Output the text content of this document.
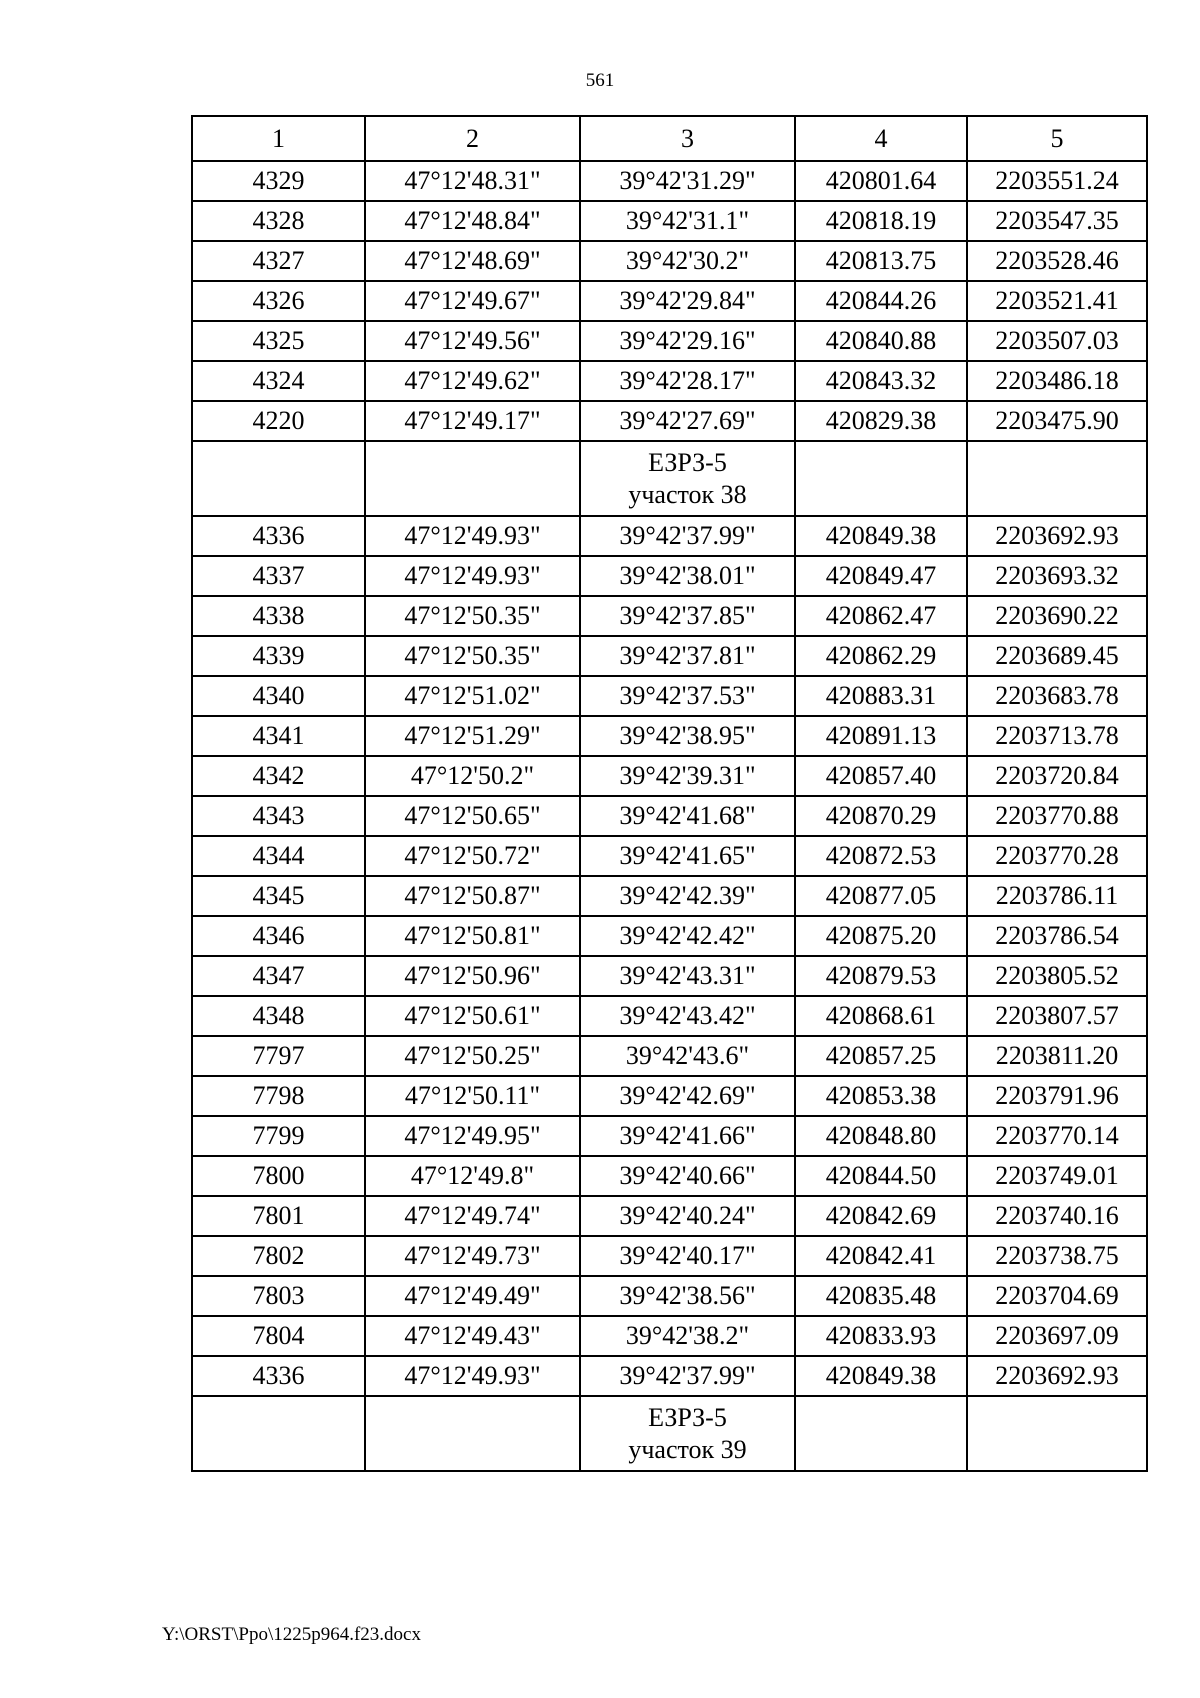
561
1	2	3	4	5
4329	47°12'48.31"	39°42'31.29"	420801.64	2203551.24
4328	47°12'48.84"	39°42'31.1"	420818.19	2203547.35
4327	47°12'48.69"	39°42'30.2"	420813.75	2203528.46
4326	47°12'49.67"	39°42'29.84"	420844.26	2203521.41
4325	47°12'49.56"	39°42'29.16"	420840.88	2203507.03
4324	47°12'49.62"	39°42'28.17"	420843.32	2203486.18
4220	47°12'49.17"	39°42'27.69"	420829.38	2203475.90

		ЕЗРЗ-5
участок 38		

4336	47°12'49.93"	39°42'37.99"	420849.38	2203692.93
4337	47°12'49.93"	39°42'38.01"	420849.47	2203693.32
4338	47°12'50.35"	39°42'37.85"	420862.47	2203690.22
4339	47°12'50.35"	39°42'37.81"	420862.29	2203689.45
4340	47°12'51.02"	39°42'37.53"	420883.31	2203683.78
4341	47°12'51.29"	39°42'38.95"	420891.13	2203713.78
4342	47°12'50.2"	39°42'39.31"	420857.40	2203720.84
4343	47°12'50.65"	39°42'41.68"	420870.29	2203770.88
4344	47°12'50.72"	39°42'41.65"	420872.53	2203770.28
4345	47°12'50.87"	39°42'42.39"	420877.05	2203786.11
4346	47°12'50.81"	39°42'42.42"	420875.20	2203786.54
4347	47°12'50.96"	39°42'43.31"	420879.53	2203805.52
4348	47°12'50.61"	39°42'43.42"	420868.61	2203807.57
7797	47°12'50.25"	39°42'43.6"	420857.25	2203811.20
7798	47°12'50.11"	39°42'42.69"	420853.38	2203791.96
7799	47°12'49.95"	39°42'41.66"	420848.80	2203770.14
7800	47°12'49.8"	39°42'40.66"	420844.50	2203749.01
7801	47°12'49.74"	39°42'40.24"	420842.69	2203740.16
7802	47°12'49.73"	39°42'40.17"	420842.41	2203738.75
7803	47°12'49.49"	39°42'38.56"	420835.48	2203704.69
7804	47°12'49.43"	39°42'38.2"	420833.93	2203697.09
4336	47°12'49.93"	39°42'37.99"	420849.38	2203692.93

		ЕЗРЗ-5
участок 39		

Y:\ORST\Ppo\1225p964.f23.docx
